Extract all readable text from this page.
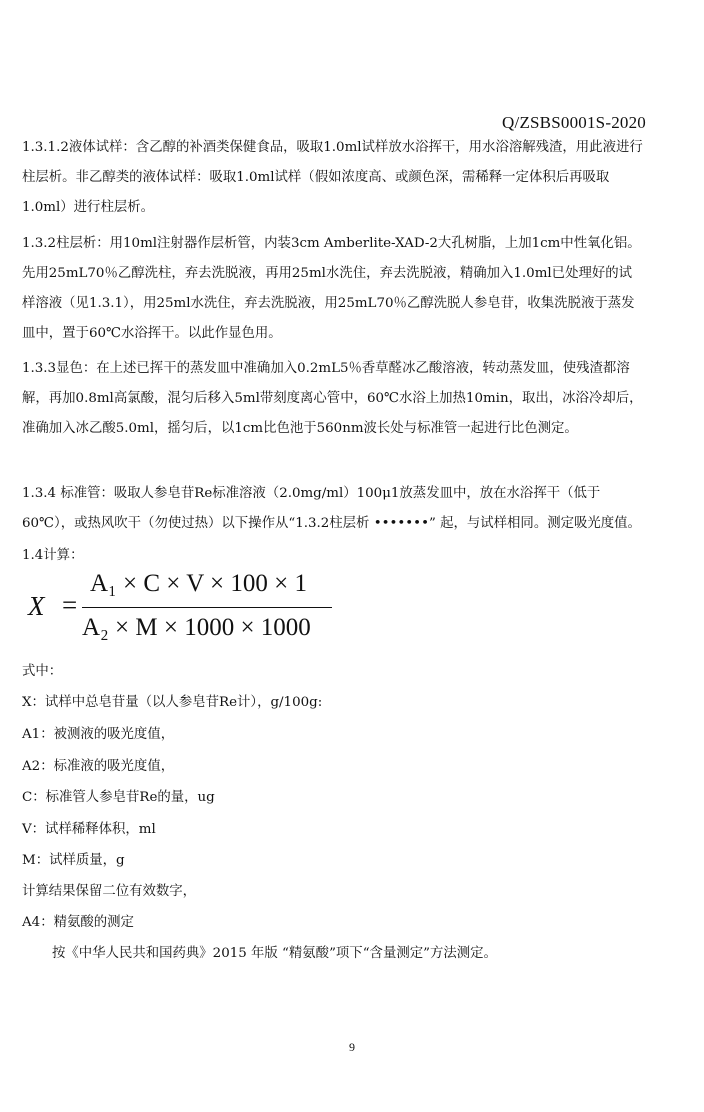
Q/ZSBS0001S-2020

1.3.1.2液体试样：含乙醇的补酒类保健食品，吸取1.0ml试样放水浴挥干，用水浴溶解残渣，用此液进行柱层析。非乙醇类的液体试样：吸取1.0ml试样（假如浓度高、或颜色深，需稀释一定体积后再吸取1.0ml）进行柱层析。

1.3.2柱层析：用10ml注射器作层析管，内装3cm Amberlite-XAD-2大孔树脂，上加1cm中性氧化铝。先用25mL70％乙醇洗柱，弃去洗脱液，再用25ml水洗住，弃去洗脱液，精确加入1.0ml已处理好的试样溶液（见1.3.1），用25ml水洗住，弃去洗脱液，用25mL70％乙醇洗脱人参皂苷，收集洗脱液于蒸发皿中，置于60℃水浴挥干。以此作显色用。

1.3.3显色：在上述已挥干的蒸发皿中准确加入0.2mL5％香草醛冰乙酸溶液，转动蒸发皿，使残渣都溶解，再加0.8ml高氯酸，混匀后移入5ml带刻度离心管中，60℃水浴上加热10min，取出，冰浴冷却后，准确加入冰乙酸5.0ml，摇匀后，以1cm比色池于560nm波长处与标准管一起进行比色测定。

1.3.4 标准管：吸取人参皂苷Re标准溶液（2.0mg/ml）100μ1放蒸发皿中，放在水浴挥干（低于60℃），或热风吹干（勿使过热）以下操作从“1.3.2柱层析 •••••••” 起，与试样相同。测定吸光度值。

1.4计算：
X =
A₁ × C × V × 100 × 1
A₂ × M × 1000 × 1000
式中：
X：试样中总皂苷量（以人参皂苷Re计），g/100g:
A1：被测液的吸光度值，
A2：标准液的吸光度值，
C：标准管人参皂苷Re的量，ug
V：试样稀释体积，ml
M：试样质量，g
计算结果保留二位有效数字，
A4：精氨酸的测定
按《中华人民共和国药典》2015 年版 “精氨酸”项下“含量测定”方法测定。
9
